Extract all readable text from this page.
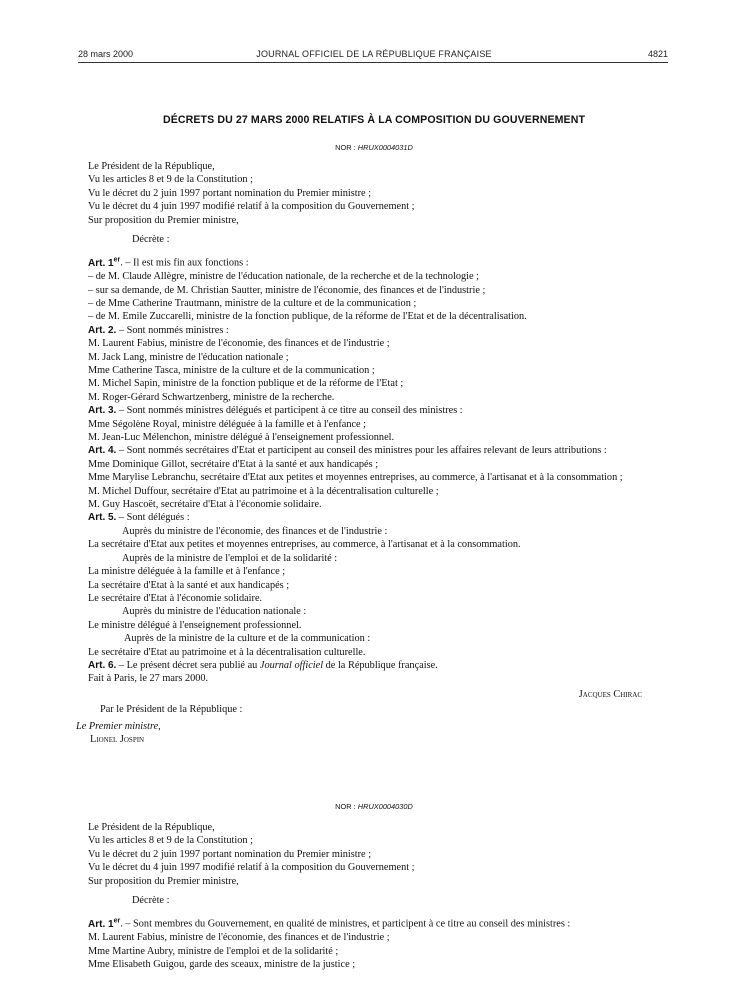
28 mars 2000	JOURNAL OFFICIEL DE LA RÉPUBLIQUE FRANÇAISE	4821
DÉCRETS DU 27 MARS 2000 RELATIFS À LA COMPOSITION DU GOUVERNEMENT
NOR : HRUX0004031D

Le Président de la République,

Vu les articles 8 et 9 de la Constitution ;

Vu le décret du 2 juin 1997 portant nomination du Premier ministre ;

Vu le décret du 4 juin 1997 modifié relatif à la composition du Gouvernement ;

Sur proposition du Premier ministre,

Décrète :

Art. 1er. – Il est mis fin aux fonctions :

– de M. Claude Allègre, ministre de l'éducation nationale, de la recherche et de la technologie ;

– sur sa demande, de M. Christian Sautter, ministre de l'économie, des finances et de l'industrie ;

– de Mme Catherine Trautmann, ministre de la culture et de la communication ;

– de M. Emile Zuccarelli, ministre de la fonction publique, de la réforme de l'Etat et de la décentralisation.

Art. 2. – Sont nommés ministres :

M. Laurent Fabius, ministre de l'économie, des finances et de l'industrie ;

M. Jack Lang, ministre de l'éducation nationale ;

Mme Catherine Tasca, ministre de la culture et de la communication ;

M. Michel Sapin, ministre de la fonction publique et de la réforme de l'Etat ;

M. Roger-Gérard Schwartzenberg, ministre de la recherche.

Art. 3. – Sont nommés ministres délégués et participent à ce titre au conseil des ministres :

Mme Ségolène Royal, ministre déléguée à la famille et à l'enfance ;

M. Jean-Luc Mélenchon, ministre délégué à l'enseignement professionnel.

Art. 4. – Sont nommés secrétaires d'Etat et participent au conseil des ministres pour les affaires relevant de leurs attributions :

Mme Dominique Gillot, secrétaire d'Etat à la santé et aux handicapés ;

Mme Marylise Lebranchu, secrétaire d'Etat aux petites et moyennes entreprises, au commerce, à l'artisanat et à la consommation ;

M. Michel Duffour, secrétaire d'Etat au patrimoine et à la décentralisation culturelle ;

M. Guy Hascoët, secrétaire d'Etat à l'économie solidaire.

Art. 5. – Sont délégués :

Auprès du ministre de l'économie, des finances et de l'industrie :

La secrétaire d'Etat aux petites et moyennes entreprises, au commerce, à l'artisanat et à la consommation.

Auprès de la ministre de l'emploi et de la solidarité :

La ministre déléguée à la famille et à l'enfance ;

La secrétaire d'Etat à la santé et aux handicapés ;

Le secrétaire d'Etat à l'économie solidaire.

Auprès du ministre de l'éducation nationale :

Le ministre délégué à l'enseignement professionnel.

Auprès de la ministre de la culture et de la communication :

Le secrétaire d'Etat au patrimoine et à la décentralisation culturelle.

Art. 6. – Le présent décret sera publié au Journal officiel de la République française.

Fait à Paris, le 27 mars 2000.

Jacques Chirac

Par le Président de la République :

Le Premier ministre,

Lionel Jospin

NOR : HRUX0004030D

Le Président de la République,

Vu les articles 8 et 9 de la Constitution ;

Vu le décret du 2 juin 1997 portant nomination du Premier ministre ;

Vu le décret du 4 juin 1997 modifié relatif à la composition du Gouvernement ;

Sur proposition du Premier ministre,

Décrète :

Art. 1er. – Sont membres du Gouvernement, en qualité de ministres, et participent à ce titre au conseil des ministres :

M. Laurent Fabius, ministre de l'économie, des finances et de l'industrie ;

Mme Martine Aubry, ministre de l'emploi et de la solidarité ;

Mme Elisabeth Guigou, garde des sceaux, ministre de la justice ;
